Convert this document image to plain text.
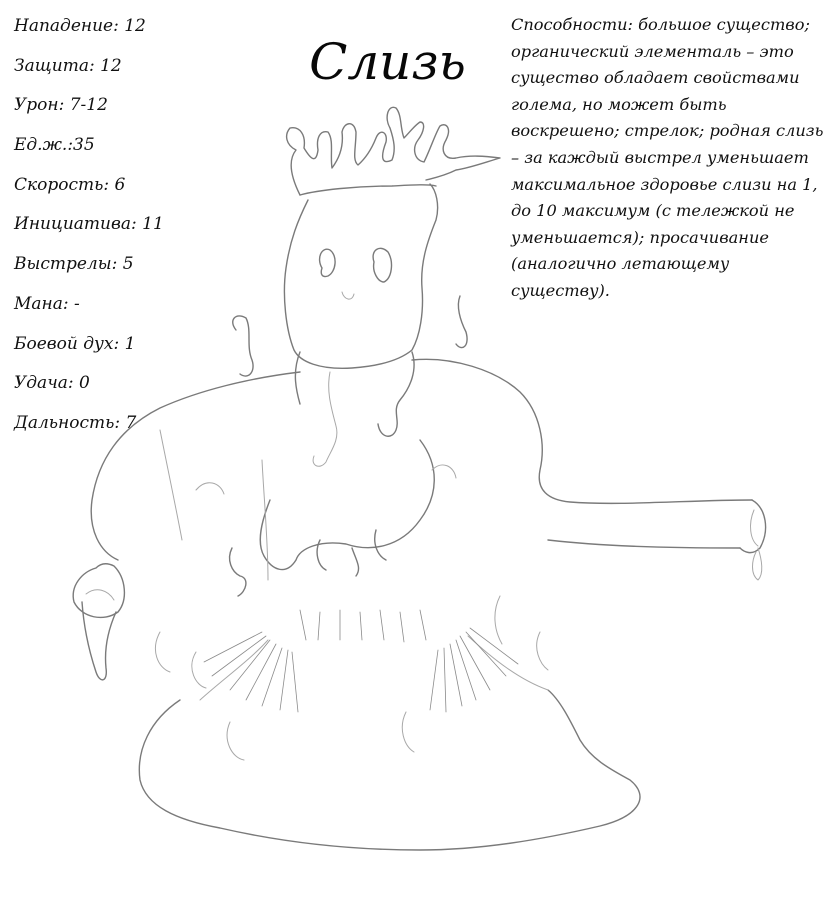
Слизь
Нападение: 12
Защита: 12
Урон: 7-12
Ед.ж.:35
Скорость: 6
Инициатива: 11
Выстрелы: 5
Мана: -
Боевой дух: 1
Удача: 0
Дальность: 7
Способности: большое существо;
органический элементаль – это
существо обладает свойствами
голема, но может быть
воскрешено; стрелок; родная слизь
– за каждый выстрел уменьшает
максимальное здоровье слизи на 1,
до 10 максимум (с тележкой не
уменьшается); просачивание
(аналогично летающему
существу).
